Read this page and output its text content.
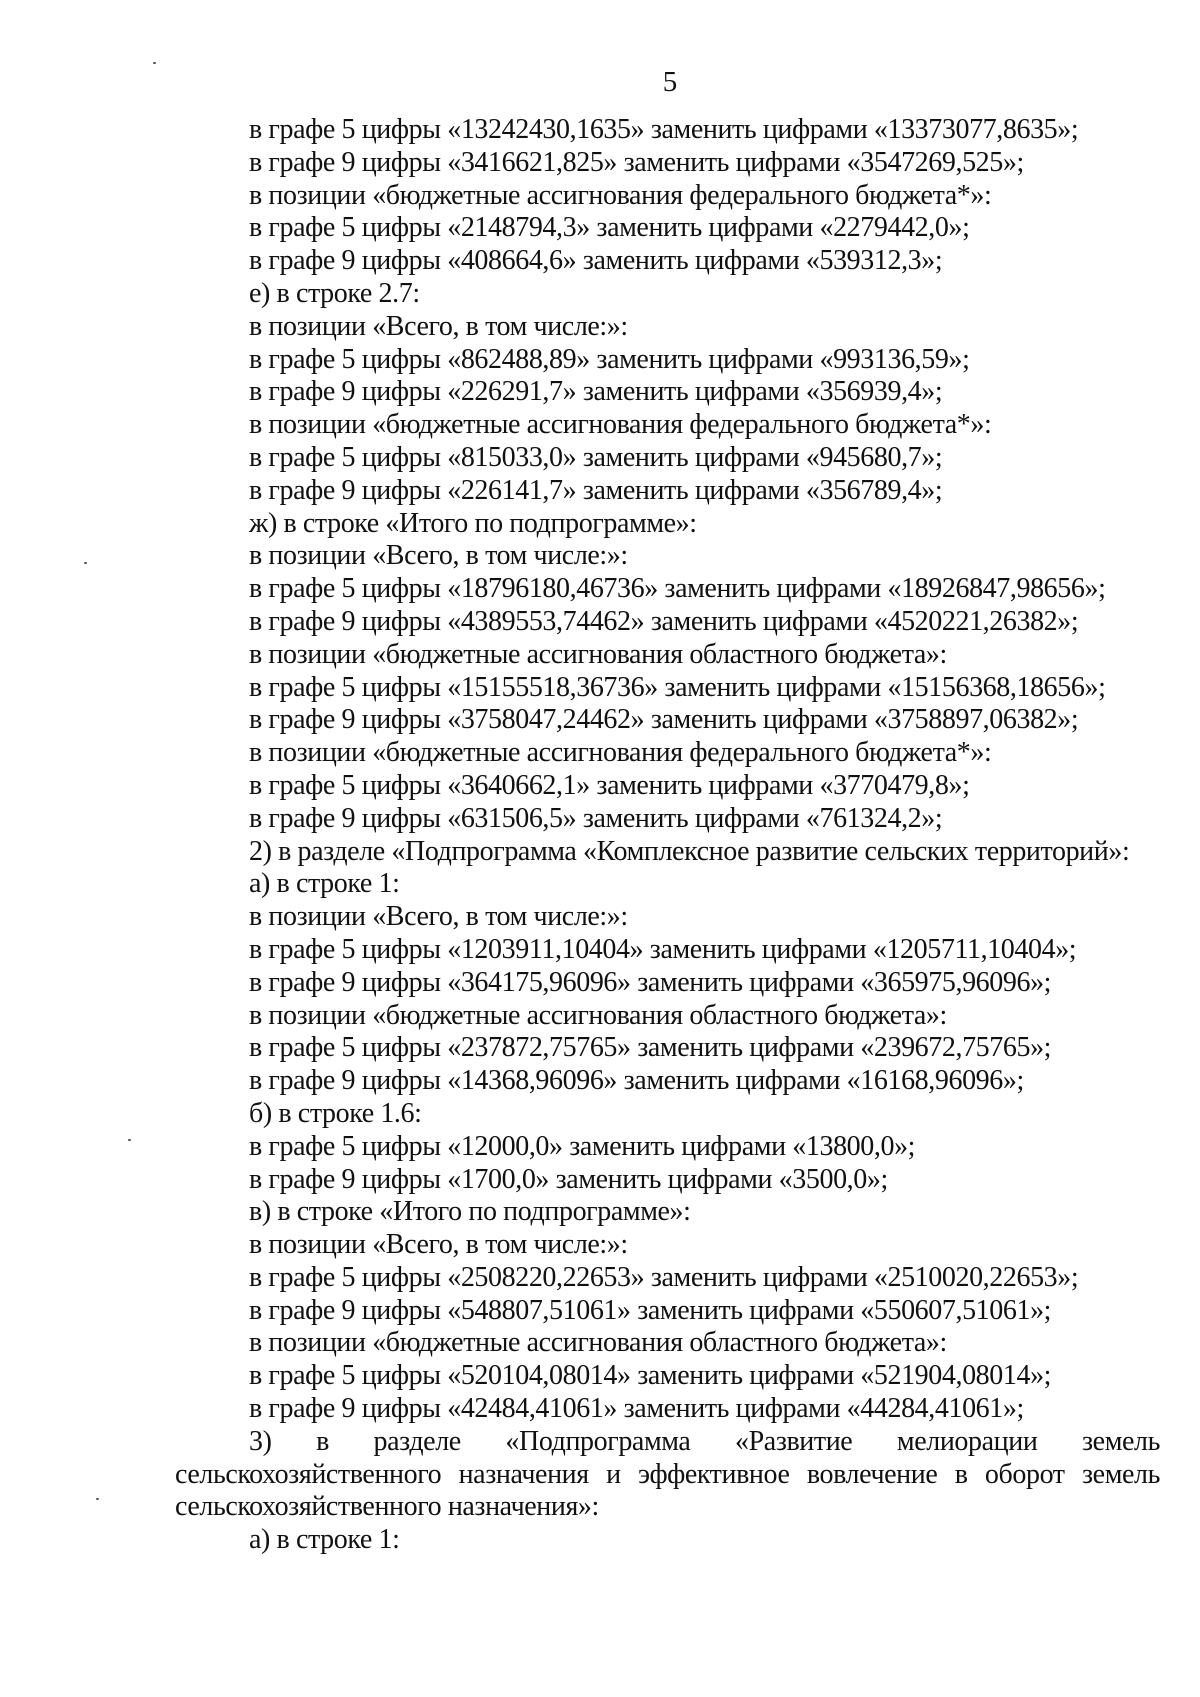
5
в графе 5 цифры «13242430,1635» заменить цифрами «13373077,8635»;
в графе 9 цифры «3416621,825» заменить цифрами «3547269,525»;
в позиции «бюджетные ассигнования федерального бюджета*»:
в графе 5 цифры «2148794,3» заменить цифрами «2279442,0»;
в графе 9 цифры «408664,6» заменить цифрами «539312,3»;
е) в строке 2.7:
в позиции «Всего, в том числе:»:
в графе 5 цифры «862488,89» заменить цифрами «993136,59»;
в графе 9 цифры «226291,7» заменить цифрами «356939,4»;
в позиции «бюджетные ассигнования федерального бюджета*»:
в графе 5 цифры «815033,0» заменить цифрами «945680,7»;
в графе 9 цифры «226141,7» заменить цифрами «356789,4»;
ж) в строке «Итого по подпрограмме»:
в позиции «Всего, в том числе:»:
в графе 5 цифры «18796180,46736» заменить цифрами «18926847,98656»;
в графе 9 цифры «4389553,74462» заменить цифрами «4520221,26382»;
в позиции «бюджетные ассигнования областного бюджета»:
в графе 5 цифры «15155518,36736» заменить цифрами «15156368,18656»;
в графе 9 цифры «3758047,24462» заменить цифрами «3758897,06382»;
в позиции «бюджетные ассигнования федерального бюджета*»:
в графе 5 цифры «3640662,1» заменить цифрами «3770479,8»;
в графе 9 цифры «631506,5» заменить цифрами «761324,2»;
2) в разделе «Подпрограмма «Комплексное развитие сельских территорий»:
а) в строке 1:
в позиции «Всего, в том числе:»:
в графе 5 цифры «1203911,10404» заменить цифрами «1205711,10404»;
в графе 9 цифры «364175,96096» заменить цифрами «365975,96096»;
в позиции «бюджетные ассигнования областного бюджета»:
в графе 5 цифры «237872,75765» заменить цифрами «239672,75765»;
в графе 9 цифры «14368,96096» заменить цифрами «16168,96096»;
б) в строке 1.6:
в графе 5 цифры «12000,0» заменить цифрами «13800,0»;
в графе 9 цифры «1700,0» заменить цифрами «3500,0»;
в) в строке «Итого по подпрограмме»:
в позиции «Всего, в том числе:»:
в графе 5 цифры «2508220,22653» заменить цифрами «2510020,22653»;
в графе 9 цифры «548807,51061» заменить цифрами «550607,51061»;
в позиции «бюджетные ассигнования областного бюджета»:
в графе 5 цифры «520104,08014» заменить цифрами «521904,08014»;
в графе 9 цифры «42484,41061» заменить цифрами «44284,41061»;
3) в разделе «Подпрограмма «Развитие мелиорации земель сельскохозяйственного назначения и эффективное вовлечение в оборот земель сельскохозяйственного назначения»:
а) в строке 1:
